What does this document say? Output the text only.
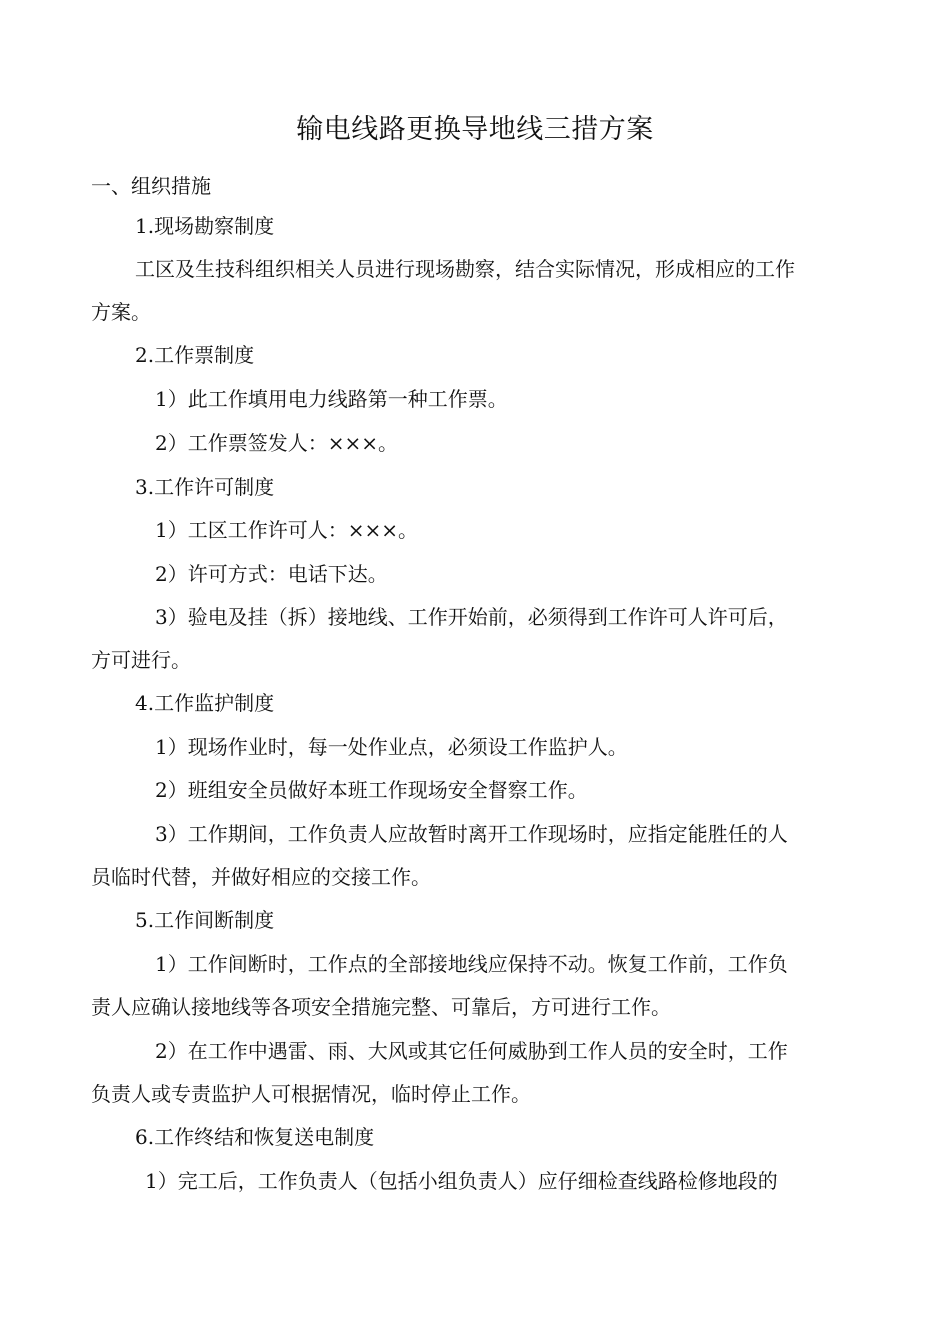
输电线路更换导地线三措方案

一、组织措施

1.现场勘察制度

工区及生技科组织相关人员进行现场勘察，结合实际情况，形成相应的工作

方案。

2.工作票制度

1）此工作填用电力线路第一种工作票。

2）工作票签发人：×××。

3.工作许可制度

1）工区工作许可人：×××。

2）许可方式：电话下达。

3）验电及挂（拆）接地线、工作开始前，必须得到工作许可人许可后，

方可进行。

4.工作监护制度

1）现场作业时，每一处作业点，必须设工作监护人。

2）班组安全员做好本班工作现场安全督察工作。

3）工作期间，工作负责人应故暂时离开工作现场时，应指定能胜任的人

员临时代替，并做好相应的交接工作。

5.工作间断制度

1）工作间断时，工作点的全部接地线应保持不动。恢复工作前，工作负

责人应确认接地线等各项安全措施完整、可靠后，方可进行工作。

2）在工作中遇雷、雨、大风或其它任何威胁到工作人员的安全时，工作

负责人或专责监护人可根据情况，临时停止工作。

6.工作终结和恢复送电制度

1）完工后，工作负责人（包括小组负责人）应仔细检查线路检修地段的
